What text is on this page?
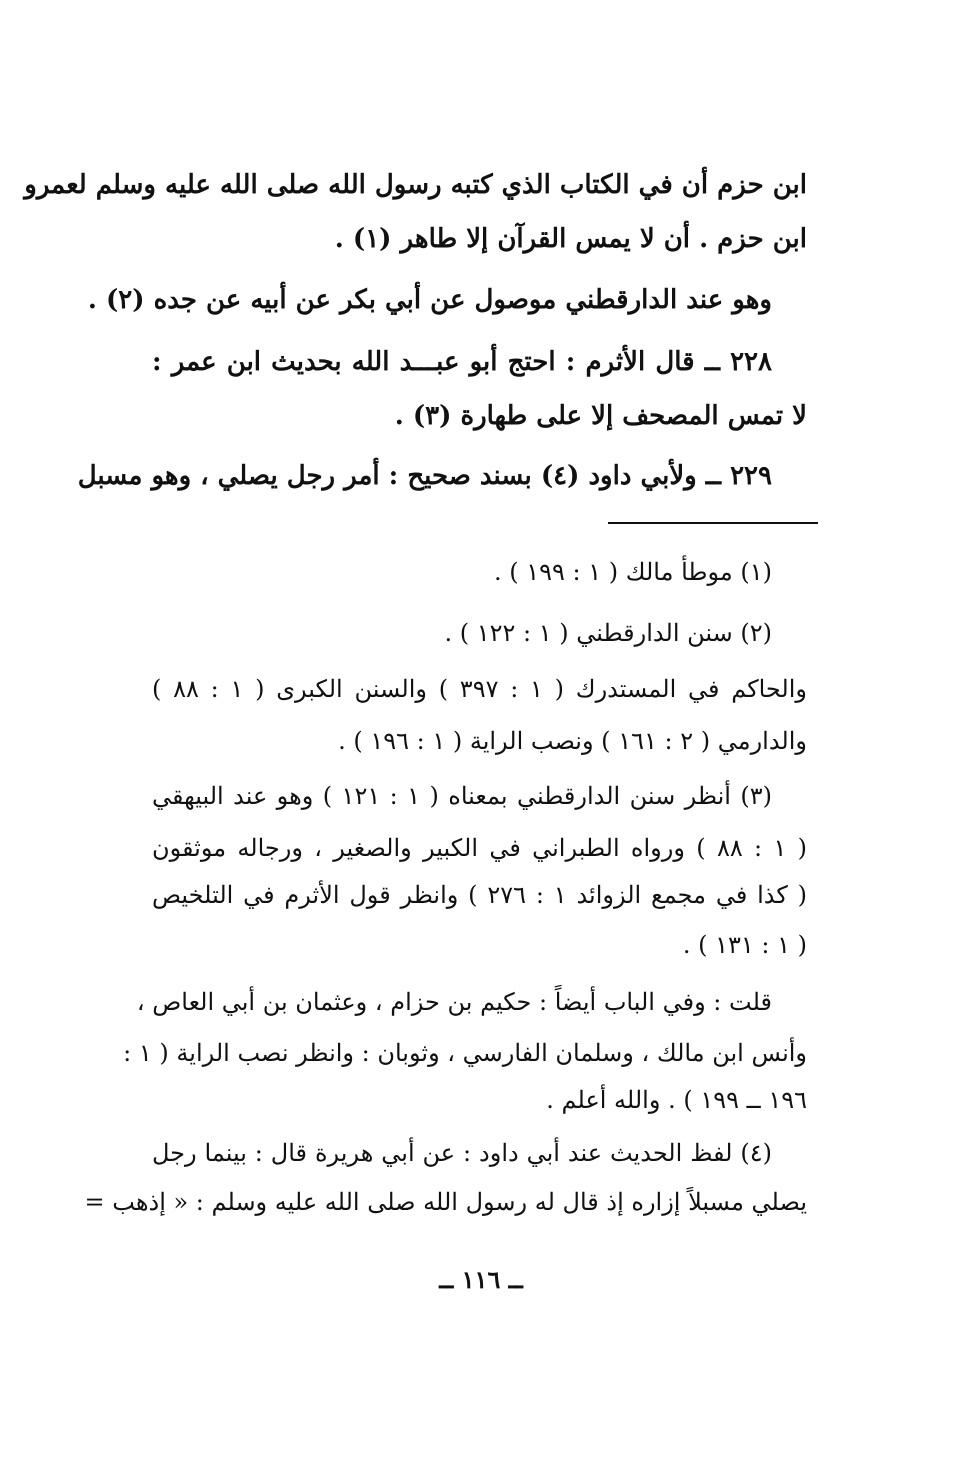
ابن حزم أن في الكتاب الذي كتبه رسول الله صلى الله عليه وسلم لعمرو
ابن حزم . أن لا يمس القرآن إلا طاهر (١) .
وهو عند الدارقطني موصول عن أبي بكر عن أبيه عن جده (٢) .
٢٢٨ ــ قال الأثرم : احتج أبو عبـــد الله بحديث ابن عمر :
لا تمس المصحف إلا على طهارة (٣) .
٢٢٩ ــ ولأبي داود (٤) بسند صحيح : أمر رجل يصلي ، وهو مسبل
(١) موطأ مالك ( ١ : ١٩٩ ) .
(٢) سنن الدارقطني ( ١ : ١٢٢ ) .
والحاكم في المستدرك ( ١ : ٣٩٧ ) والسنن الكبرى ( ١ : ٨٨ )
والدارمي ( ٢ : ١٦١ ) ونصب الراية ( ١ : ١٩٦ ) .
(٣) أنظر سنن الدارقطني بمعناه ( ١ : ١٢١ ) وهو عند البيهقي
( ١ : ٨٨ ) ورواه الطبراني في الكبير والصغير ، ورجاله موثقون
( كذا في مجمع الزوائد ١ : ٢٧٦ ) وانظر قول الأثرم في التلخيص
( ١ : ١٣١ ) .
قلت : وفي الباب أيضاً : حكيم بن حزام ، وعثمان بن أبي العاص ،
وأنس ابن مالك ، وسلمان الفارسي ، وثوبان : وانظر نصب الراية ( ١ :
١٩٦ ــ ١٩٩ ) . والله أعلم .
(٤) لفظ الحديث عند أبي داود : عن أبي هريرة قال : بينما رجل
يصلي مسبلاً إزاره إذ قال له رسول الله صلى الله عليه وسلم : « إذهب =
ــ ١١٦ ــ
